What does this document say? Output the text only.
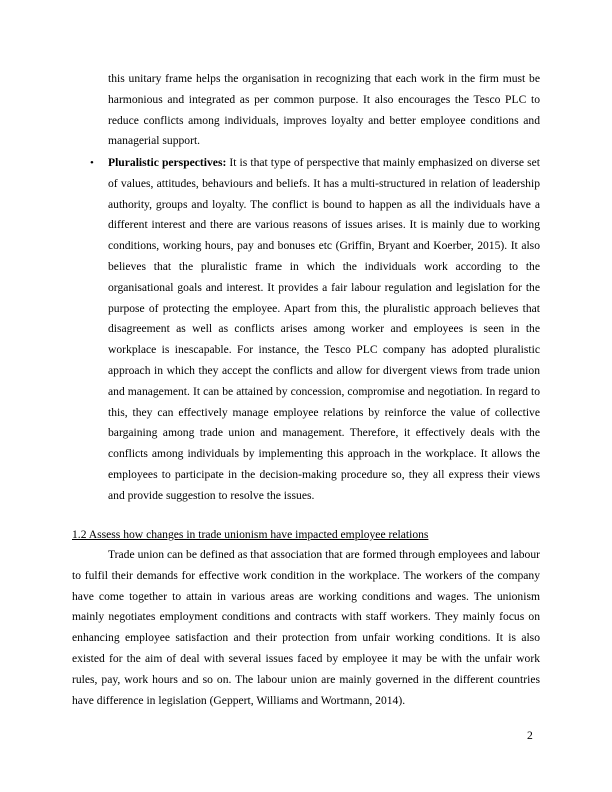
this unitary frame helps the organisation in recognizing that each work in the firm must be harmonious and integrated as per common purpose. It also encourages the Tesco PLC to reduce conflicts among individuals, improves loyalty and better employee conditions and managerial support.

•	Pluralistic perspectives: It is that type of perspective that mainly emphasized on diverse set of values, attitudes, behaviours and beliefs. It has a multi-structured in relation of leadership authority, groups and loyalty. The conflict is bound to happen as all the individuals have a different interest and there are various reasons of issues arises. It is mainly due to working conditions, working hours, pay and bonuses etc (Griffin, Bryant and Koerber, 2015). It also believes that the pluralistic frame in which the individuals work according to the organisational goals and interest. It provides a fair labour regulation and legislation for the purpose of protecting the employee. Apart from this, the pluralistic approach believes that disagreement as well as conflicts arises among worker and employees is seen in the workplace is inescapable. For instance, the Tesco PLC company has adopted pluralistic approach in which they accept the conflicts and allow for divergent views from trade union and management. It can be attained by concession, compromise and negotiation. In regard to this, they can effectively manage employee relations by reinforce the value of collective bargaining among trade union and management. Therefore, it effectively deals with the conflicts among individuals by implementing this approach in the workplace. It allows the employees to participate in the decision-making procedure so, they all express their views and provide suggestion to resolve the issues.

1.2 Assess how changes in trade unionism have impacted employee relations

Trade union can be defined as that association that are formed through employees and labour to fulfil their demands for effective work condition in the workplace. The workers of the company have come together to attain in various areas are working conditions and wages. The unionism mainly negotiates employment conditions and contracts with staff workers. They mainly focus on enhancing employee satisfaction and their protection from unfair working conditions. It is also existed for the aim of deal with several issues faced by employee it may be with the unfair work rules, pay, work hours and so on. The labour union are mainly governed in the different countries have difference in legislation (Geppert, Williams and Wortmann, 2014).

2
